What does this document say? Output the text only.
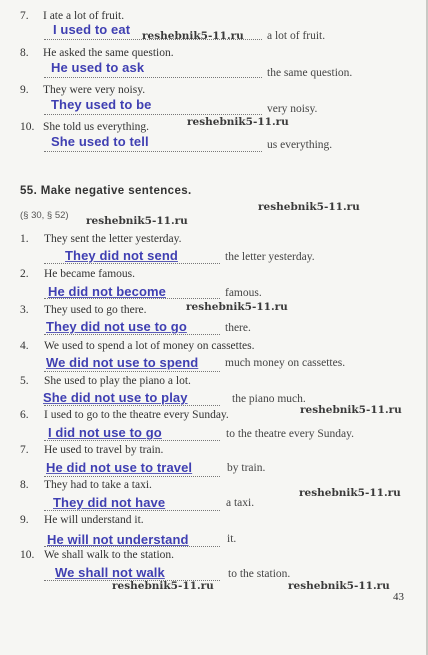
7. I ate a lot of fruit.
I used to eat	a lot of fruit.
reshebnik5-11.ru
8. He asked the same question.
He used to ask	the same question.
9. They were very noisy.
They used to be	very noisy.
10. She told us everything.	reshebnik5-11.ru
She used to tell	us everything.
55. Make negative sentences.
reshebnik5-11.ru
(§ 30, § 52) reshebnik5-11.ru
1. They sent the letter yesterday.
They did not send	the letter yesterday.
2. He became famous.
He did not become	famous.
3. They used to go there.	reshebnik5-11.ru
They did not use to go	there.
4. We used to spend a lot of money on cassettes.
We did not use to spend much money on cassettes.
5. She used to play the piano a lot.
She did not use to play	the piano much.
6. I used to go to the theatre every Sunday.	reshebnik5-11.ru
I did not use to go	to the theatre every Sunday.
7. He used to travel by train.
He did not use to travel	by train.
8. They had to take a taxi.
reshebnik5-11.ru
They did not have	a taxi.
9. He will understand it.
He will not understand	it.
10. We shall walk to the station.
We shall not walk	to the station.
reshebnik5-11.ru	reshebnik5-11.ru
43
